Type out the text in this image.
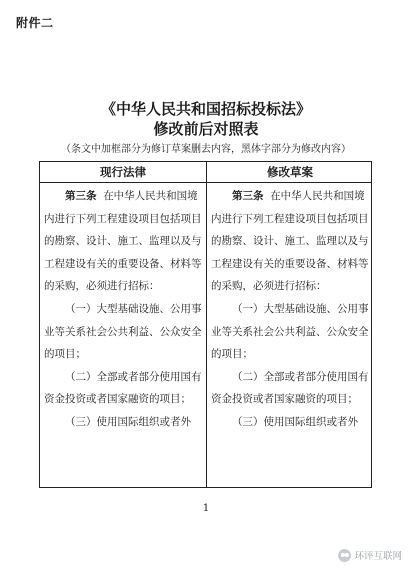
附件二
《中华人民共和国招标投标法》
修改前后对照表
（条文中加框部分为修订草案删去内容，黑体字部分为修改内容）
现行法律	修改草案
第三条 在中华人民共和国境内进行下列工程建设项目包括项目的勘察、设计、施工、监理以及与工程建设有关的重要设备、材料等的采购，必须进行招标：
（一）大型基础设施、公用事业等关系社会公共利益、公众安全的项目；
（二）全部或者部分使用国有资金投资或者国家融资的项目；
（三）使用国际组织或者外
第三条 在中华人民共和国境内进行下列工程建设项目包括项目的勘察、设计、施工、监理以及与工程建设有关的重要设备、材料等的采购，必须进行招标：
（一）大型基础设施、公用事业等关系社会公共利益、公众安全的项目；
（二）全部或者部分使用国有资金投资或者国家融资的项目；
（三）使用国际组织或者外
1
环评互联网
